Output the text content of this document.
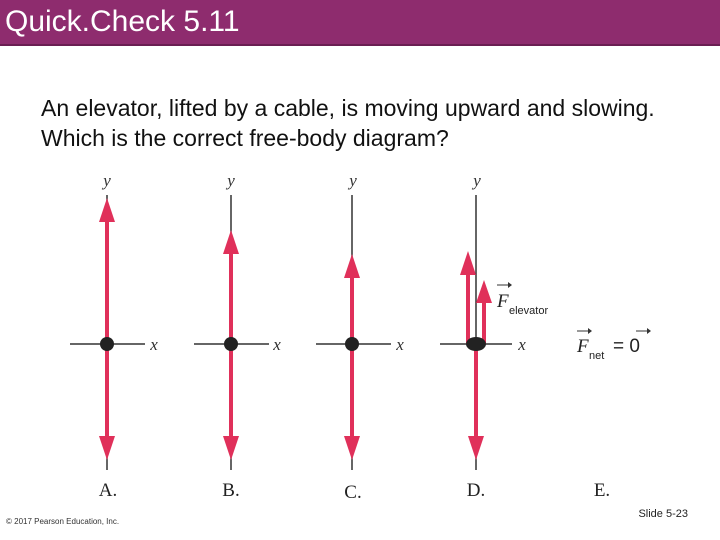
Quick.Check 5.11
An elevator, lifted by a cable, is moving upward and slowing. Which is the correct free-body diagram?
y
x
A.
y
x
B.
y
x
C.
y
x
F elevator
D.
F net = 0
E.
© 2017 Pearson Education, Inc.
Slide 5-23
